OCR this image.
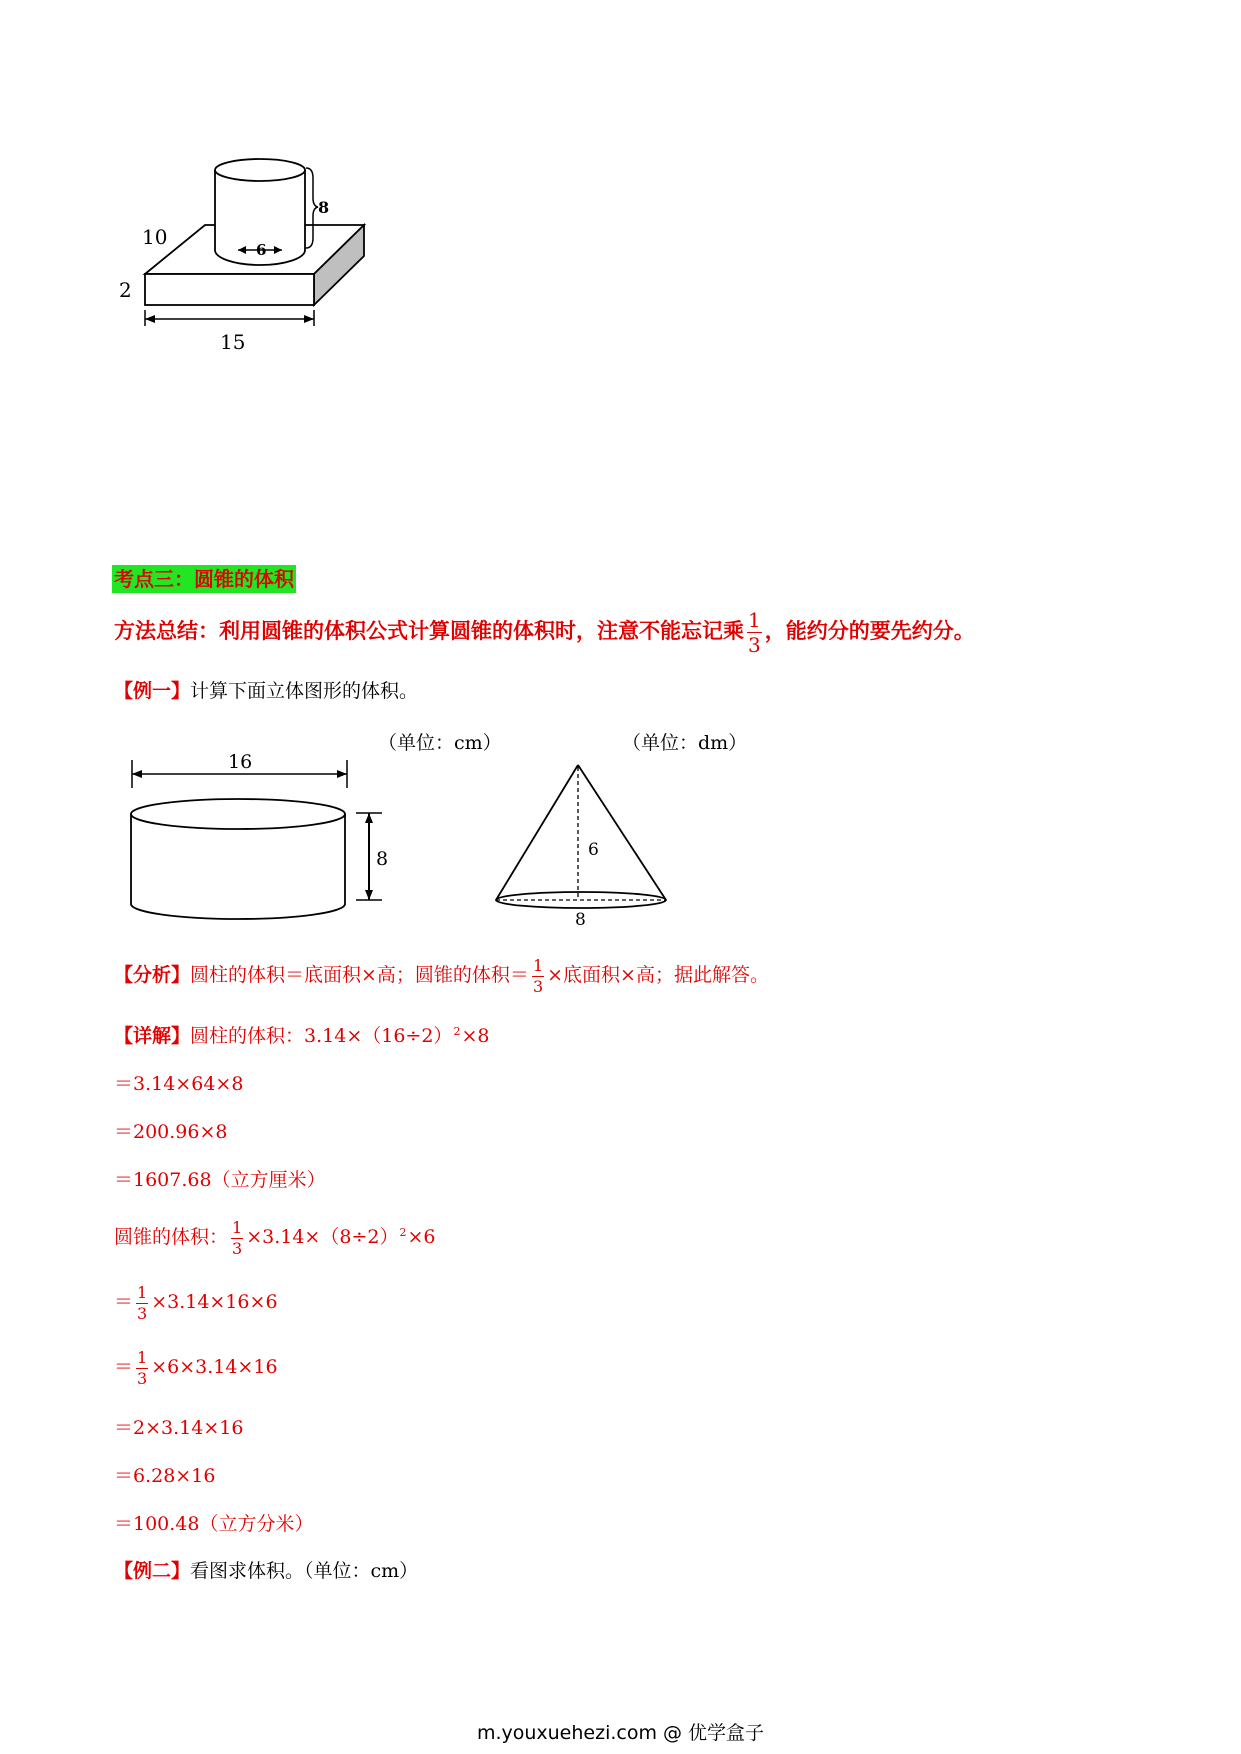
6
8
10
2
15
考点三：圆锥的体积
方法总结：利用圆锥的体积公式计算圆锥的体积时，注意不能忘记乘 $\frac{1}{3}$ ，能约分的要先约分。
【例一】计算下面立体图形的体积。
（单位：cm）	（单位：dm）
16
8	6
8
【分析】圆柱的体积＝底面积×高；圆锥的体积＝ $\frac{1}{3}$ ×底面积×高；据此解答。
【详解】圆柱的体积：$3.14\times(16\div 2)^2\times 8$
＝3.14×64×8
＝200.96×8
＝1607.68（立方厘米）
圆锥的体积： $\frac{1}{3} \times 3.14\times(8\div 2)^2\times 6$
＝ $\frac{1}{3} \times 3.14\times 16\times 6$
＝ $\frac{1}{3} \times 6\times 3.14\times 16$
＝2×3.14×16
＝6.28×16
＝100.48（立方分米）
【例二】看图求体积。（单位：cm）
m.youxuehezi.com @ 优学盒子
